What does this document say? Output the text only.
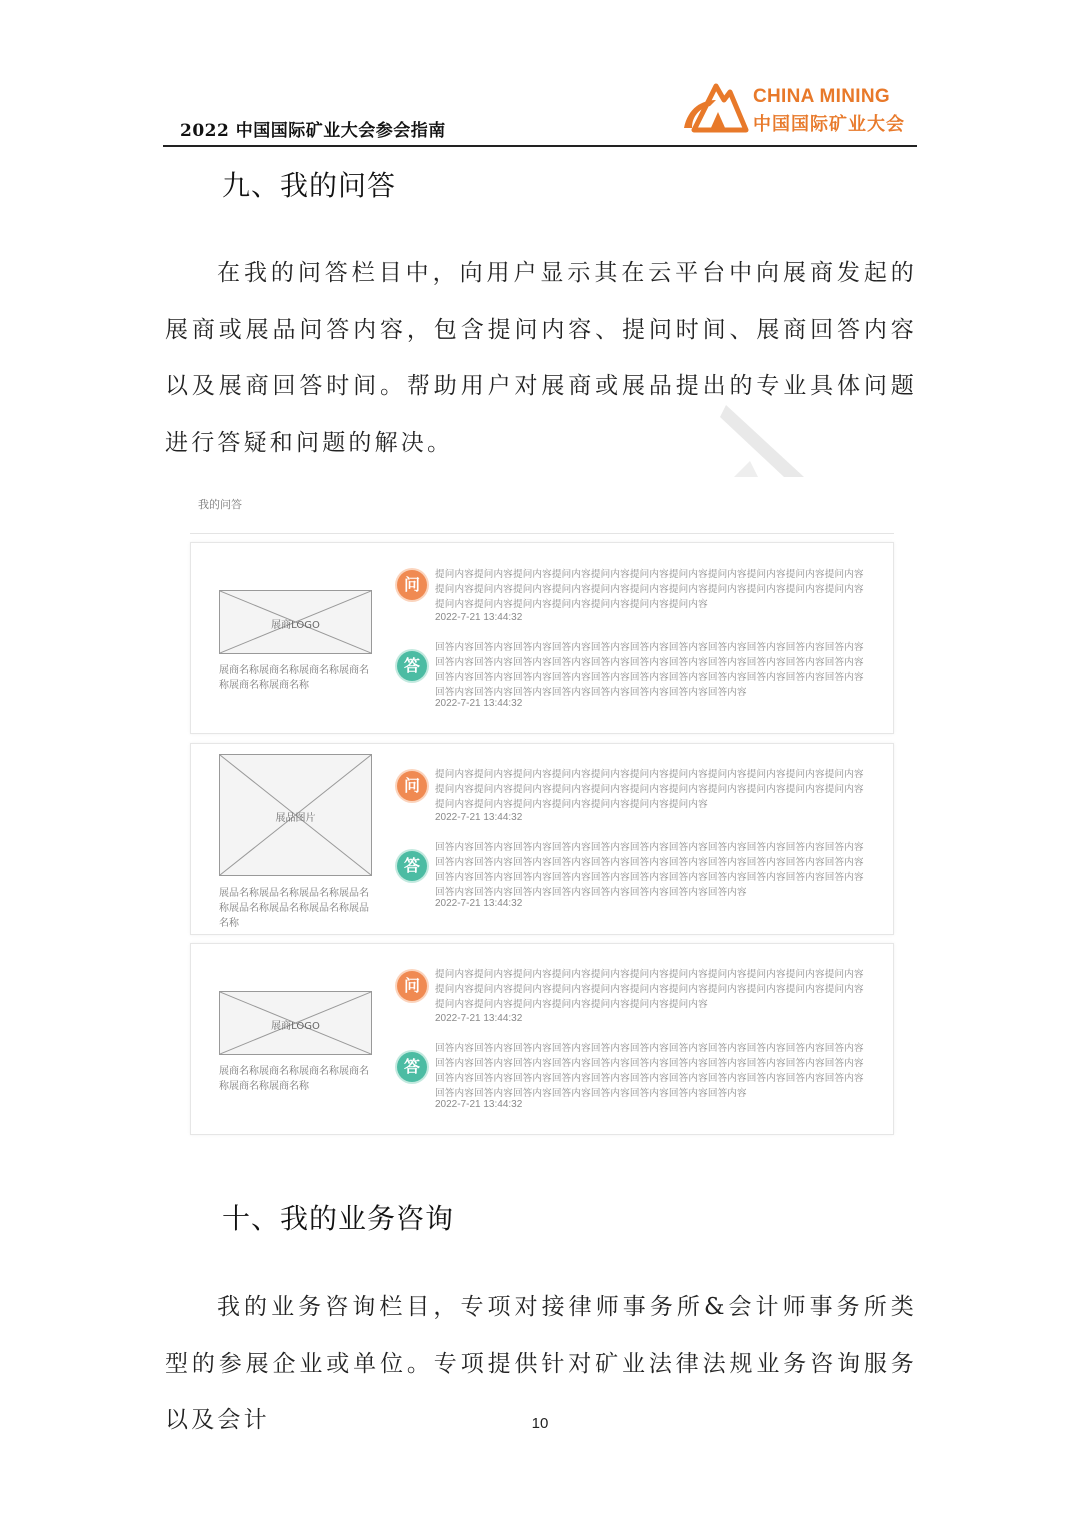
2022 中国国际矿业大会参会指南
CHINA MINING
中国国际矿业大会
九、我的问答
在我的问答栏目中，向用户显示其在云平台中向展商发起的展商或展品问答内容，包含提问内容、提问时间、展商回答内容以及展商回答时间。帮助用户对展商或展品提出的专业具体问题进行答疑和问题的解决。
我的问答
展商LOGO
展商名称展商名称展商名称展商名称展商名称展商名称
问
提问内容提问内容提问内容提问内容提问内容提问内容提问内容提问内容提问内容提问内容提问内容提问内容提问内容提问内容提问内容提问内容提问内容提问内容提问内容提问内容提问内容提问内容提问内容提问内容提问内容提问内容提问内容提问内容提问内容
2022-7-21 13:44:32
答
回答内容回答内容回答内容回答内容回答内容回答内容回答内容回答内容回答内容回答内容回答内容回答内容回答内容回答内容回答内容回答内容回答内容回答内容回答内容回答内容回答内容回答内容回答内容回答内容回答内容回答内容回答内容回答内容回答内容回答内容回答内容回答内容回答内容回答内容回答内容回答内容回答内容回答内容回答内容回答内容回答内容
2022-7-21 13:44:32
展品图片
展品名称展品名称展品名称展品名称展品名称展品名称展品名称展品名称
问
提问内容提问内容提问内容提问内容提问内容提问内容提问内容提问内容提问内容提问内容提问内容提问内容提问内容提问内容提问内容提问内容提问内容提问内容提问内容提问内容提问内容提问内容提问内容提问内容提问内容提问内容提问内容提问内容提问内容
2022-7-21 13:44:32
答
回答内容回答内容回答内容回答内容回答内容回答内容回答内容回答内容回答内容回答内容回答内容回答内容回答内容回答内容回答内容回答内容回答内容回答内容回答内容回答内容回答内容回答内容回答内容回答内容回答内容回答内容回答内容回答内容回答内容回答内容回答内容回答内容回答内容回答内容回答内容回答内容回答内容回答内容回答内容回答内容回答内容
2022-7-21 13:44:32
展商LOGO
展商名称展商名称展商名称展商名称展商名称展商名称
问
提问内容提问内容提问内容提问内容提问内容提问内容提问内容提问内容提问内容提问内容提问内容提问内容提问内容提问内容提问内容提问内容提问内容提问内容提问内容提问内容提问内容提问内容提问内容提问内容提问内容提问内容提问内容提问内容提问内容
2022-7-21 13:44:32
答
回答内容回答内容回答内容回答内容回答内容回答内容回答内容回答内容回答内容回答内容回答内容回答内容回答内容回答内容回答内容回答内容回答内容回答内容回答内容回答内容回答内容回答内容回答内容回答内容回答内容回答内容回答内容回答内容回答内容回答内容回答内容回答内容回答内容回答内容回答内容回答内容回答内容回答内容回答内容回答内容回答内容
2022-7-21 13:44:32
十、我的业务咨询
我的业务咨询栏目，专项对接律师事务所&会计师事务所类型的参展企业或单位。专项提供针对矿业法律法规业务咨询服务以及会计	10
